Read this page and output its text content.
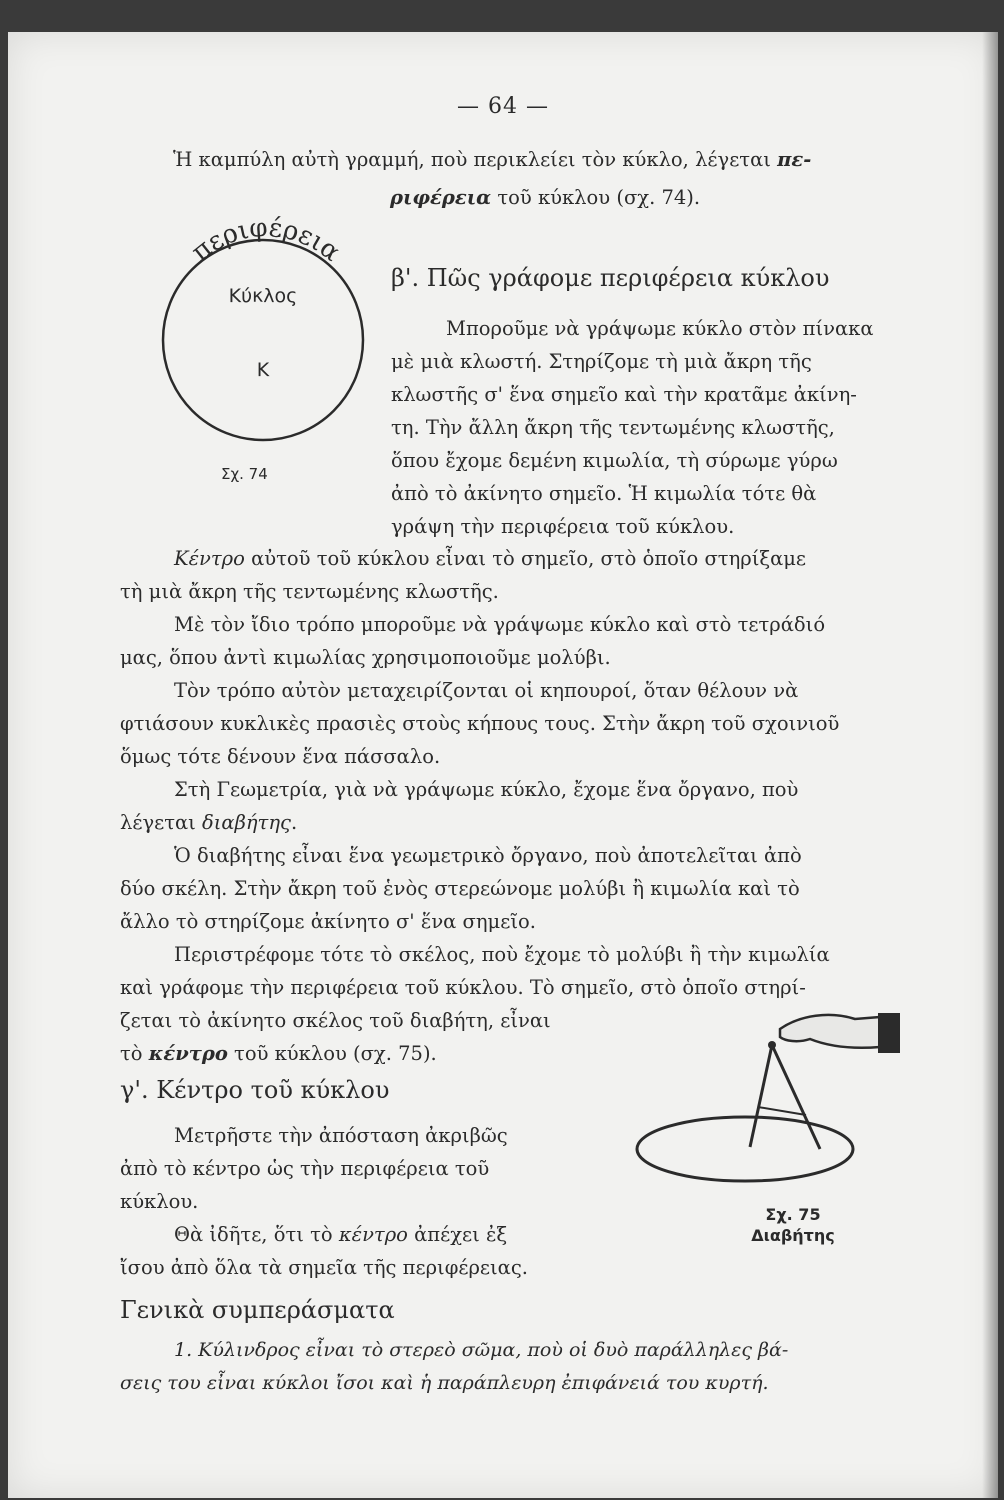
— 64 —
Ἡ καμπύλη αὐτὴ γραμμή, ποὺ περικλείει τὸν κύκλο, λέγεται πε-
ριφέρεια τοῦ κύκλου (σχ. 74).
περιφέρεια
Κύκλος
Κ
Σχ. 74
β'. Πῶς γράφομε περιφέρεια κύκλου
Μποροῦμε νὰ γράψωμε κύκλο στὸν πίνακα
μὲ μιὰ κλωστή. Στηρίζομε τὴ μιὰ ἄκρη τῆς
κλωστῆς σ' ἕνα σημεῖο καὶ τὴν κρατᾶμε ἀκίνη-
τη. Τὴν ἄλλη ἄκρη τῆς τεντωμένης κλωστῆς,
ὅπου ἔχομε δεμένη κιμωλία, τὴ σύρωμε γύρω
ἀπὸ τὸ ἀκίνητο σημεῖο. Ἡ κιμωλία τότε θὰ
γράψη τὴν περιφέρεια τοῦ κύκλου.
Κέντρο αὐτοῦ τοῦ κύκλου εἶναι τὸ σημεῖο, στὸ ὁποῖο στηρίξαμε
τὴ μιὰ ἄκρη τῆς τεντωμένης κλωστῆς.
Μὲ τὸν ἴδιο τρόπο μποροῦμε νὰ γράψωμε κύκλο καὶ στὸ τετράδιό
μας, ὅπου ἀντὶ κιμωλίας χρησιμοποιοῦμε μολύβι.
Τὸν τρόπο αὐτὸν μεταχειρίζονται οἱ κηπουροί, ὅταν θέλουν νὰ
φτιάσουν κυκλικὲς πρασιὲς στοὺς κήπους τους. Στὴν ἄκρη τοῦ σχοινιοῦ
ὅμως τότε δένουν ἕνα πάσσαλο.
Στὴ Γεωμετρία, γιὰ νὰ γράψωμε κύκλο, ἔχομε ἕνα ὄργανο, ποὺ
λέγεται διαβήτης.
Ὁ διαβήτης εἶναι ἕνα γεωμετρικὸ ὄργανο, ποὺ ἀποτελεῖται ἀπὸ
δύο σκέλη. Στὴν ἄκρη τοῦ ἑνὸς στερεώνομε μολύβι ἢ κιμωλία καὶ τὸ
ἄλλο τὸ στηρίζομε ἀκίνητο σ' ἕνα σημεῖο.
Περιστρέφομε τότε τὸ σκέλος, ποὺ ἔχομε τὸ μολύβι ἢ τὴν κιμωλία
καὶ γράφομε τὴν περιφέρεια τοῦ κύκλου. Τὸ σημεῖο, στὸ ὁποῖο στηρί-
ζεται τὸ ἀκίνητο σκέλος τοῦ διαβήτη, εἶναι
τὸ κέντρο τοῦ κύκλου (σχ. 75).
Σχ. 75
Διαβήτης
γ'. Κέντρο τοῦ κύκλου
Μετρῆστε τὴν ἀπόσταση ἀκριβῶς
ἀπὸ τὸ κέντρο ὡς τὴν περιφέρεια τοῦ
κύκλου.
Θὰ ἰδῆτε, ὅτι τὸ κέντρο ἀπέχει ἐξ
ἴσου ἀπὸ ὅλα τὰ σημεῖα τῆς περιφέρειας.
Γενικὰ συμπεράσματα
1. Κύλινδρος εἶναι τὸ στερεὸ σῶμα, ποὺ οἱ δυὸ παράλληλες βά-
σεις του εἶναι κύκλοι ἴσοι καὶ ἡ παράπλευρη ἐπιφάνειά του κυρτή.
